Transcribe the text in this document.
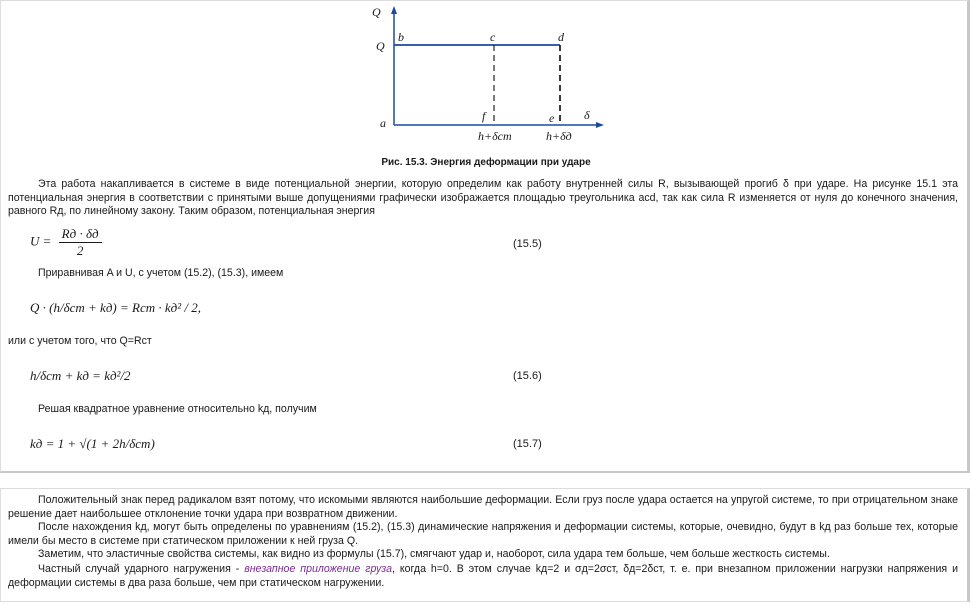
Q
Q
b	c	d
a	f	e δ
h+δст	h+δд
Рис. 15.3. Энергия деформации при ударе
Эта работа накапливается в системе в виде потенциальной энергии, которую определим как работу внутренней силы R, вызывающей прогиб δ при ударе. На рисунке 15.1 эта потенциальная энергия в соответствии с принятыми выше допущениями графически изображается площадью треугольника acd, так как сила R изменяется от нуля до конечного значения, равного Rд, по линейному закону. Таким образом, потенциальная энергия
U = Rд · δд
2	(15.5)
Приравнивая A и U, с учетом (15.2), (15.3), имеем
Q · (h/δст + kд) = Rст · kд² / 2,
или с учетом того, что Q=Rст
h/δст + kд = kд²/2	(15.6)
Решая квадратное уравнение относительно kд, получим
kд = 1 + √(1 + 2h/δст)	(15.7)
Положительный знак перед радикалом взят потому, что искомыми являются наибольшие деформации. Если груз после удара остается на упругой системе, то при отрицательном знаке решение дает наибольшее отклонение точки удара при возвратном движении.
После нахождения kд, могут быть определены по уравнениям (15.2), (15.3) динамические напряжения и деформации системы, которые, очевидно, будут в kд раз больше тех, которые имели бы место в системе при статическом приложении к ней груза Q.
Заметим, что эластичные свойства системы, как видно из формулы (15.7), смягчают удар и, наоборот, сила удара тем больше, чем больше жесткость системы.
Частный случай ударного нагружения - внезапное приложение груза, когда h=0. В этом случае kд=2 и σд=2σст, δд=2δст, т. е. при внезапном приложении нагрузки напряжения и деформации системы в два раза больше, чем при статическом нагружении.
